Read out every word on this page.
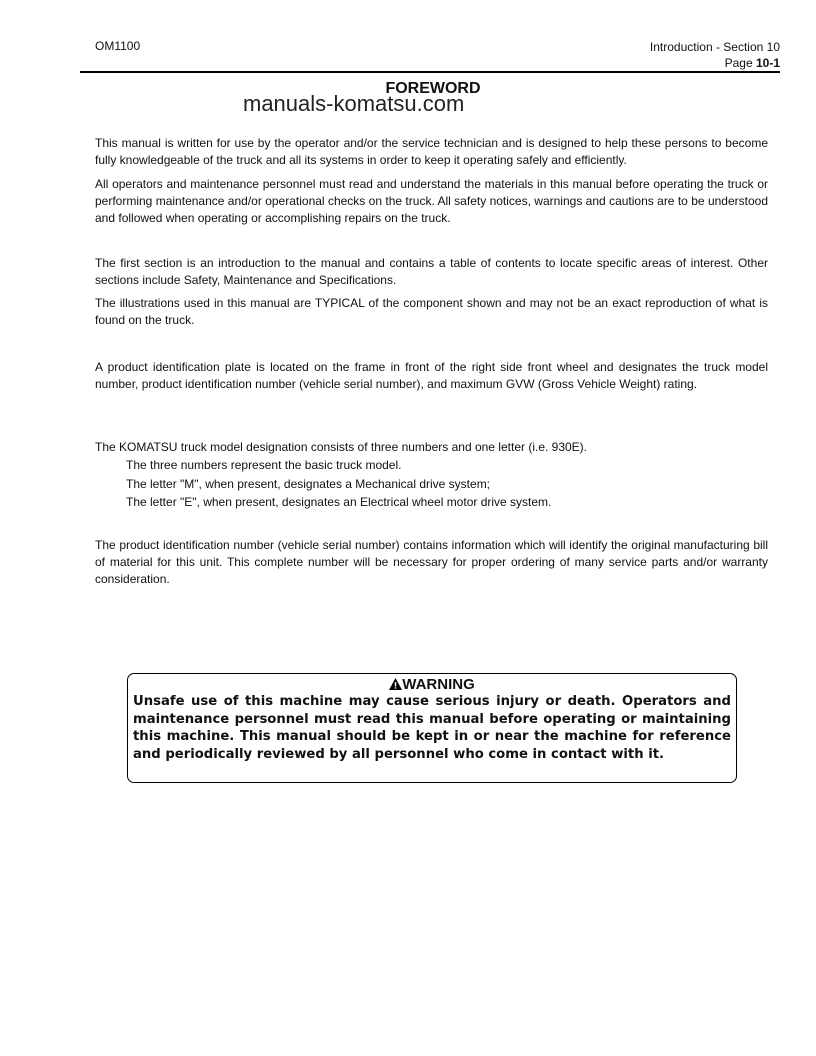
OM1100	Introduction - Section 10
Page 10-1
FOREWORD
manuals-komatsu.com
This manual is written for use by the operator and/or the service technician and is designed to help these persons to become fully knowledgeable of the truck and all its systems in order to keep it operating safely and efficiently.
All operators and maintenance personnel must read and understand the materials in this manual before operating the truck or performing maintenance and/or operational checks on the truck. All safety notices, warnings and cautions are to be understood and followed when operating or accomplishing repairs on the truck.
The first section is an introduction to the manual and contains a table of contents to locate specific areas of interest. Other sections include Safety, Maintenance and Specifications.
The illustrations used in this manual are TYPICAL of the component shown and may not be an exact reproduction of what is found on the truck.
A product identification plate is located on the frame in front of the right side front wheel and designates the truck model number, product identification number (vehicle serial number), and maximum GVW (Gross Vehicle Weight) rating.
The KOMATSU truck model designation consists of three numbers and one letter (i.e. 930E).
The three numbers represent the basic truck model.
The letter "M", when present, designates a Mechanical drive system;
The letter "E", when present, designates an Electrical wheel motor drive system.
The product identification number (vehicle serial number) contains information which will identify the original manufacturing bill of material for this unit. This complete number will be necessary for proper ordering of many service parts and/or warranty consideration.
WARNING
Unsafe use of this machine may cause serious injury or death. Operators and maintenance personnel must read this manual before operating or maintaining this machine. This manual should be kept in or near the machine for reference and periodically reviewed by all personnel who come in contact with it.
